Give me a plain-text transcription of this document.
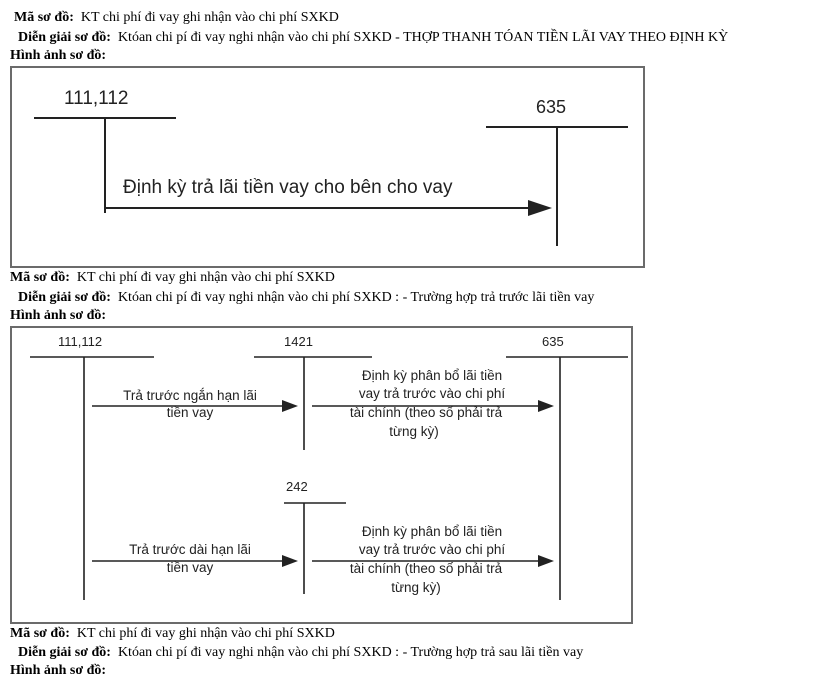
Mã sơ đồ: KT chi phí đi vay ghi nhận vào chi phí SXKD
Diễn giải sơ đồ: Któan chi pí đi vay nghi nhận vào chi phí SXKD - THỢP THANH TÓAN TIỀN LÃI VAY THEO ĐỊNH KỲ
Hình ảnh sơ đồ:
111,112	635
Định kỳ trả lãi tiền vay cho bên cho vay
Mã sơ đồ: KT chi phí đi vay ghi nhận vào chi phí SXKD
Diễn giải sơ đồ: Któan chi pí đi vay nghi nhận vào chi phí SXKD : - Trường hợp trả trước lãi tiền vay
Hình ảnh sơ đồ:
111,112	1421	635
242
Trả trước ngắn hạn lãi
tiền vay
Trả trước dài hạn lãi
tiền vay
Định kỳ phân bổ lãi tiền
vay trả trước vào chi phí
tài chính (theo số phải trả
từng kỳ)
Định kỳ phân bổ lãi tiền
vay trả trước vào chi phí
tài chính (theo số phải trả
từng kỳ)
Mã sơ đồ: KT chi phí đi vay ghi nhận vào chi phí SXKD
Diễn giải sơ đồ: Któan chi pí đi vay nghi nhận vào chi phí SXKD : - Trường hợp trả sau lãi tiền vay
Hình ảnh sơ đồ:
